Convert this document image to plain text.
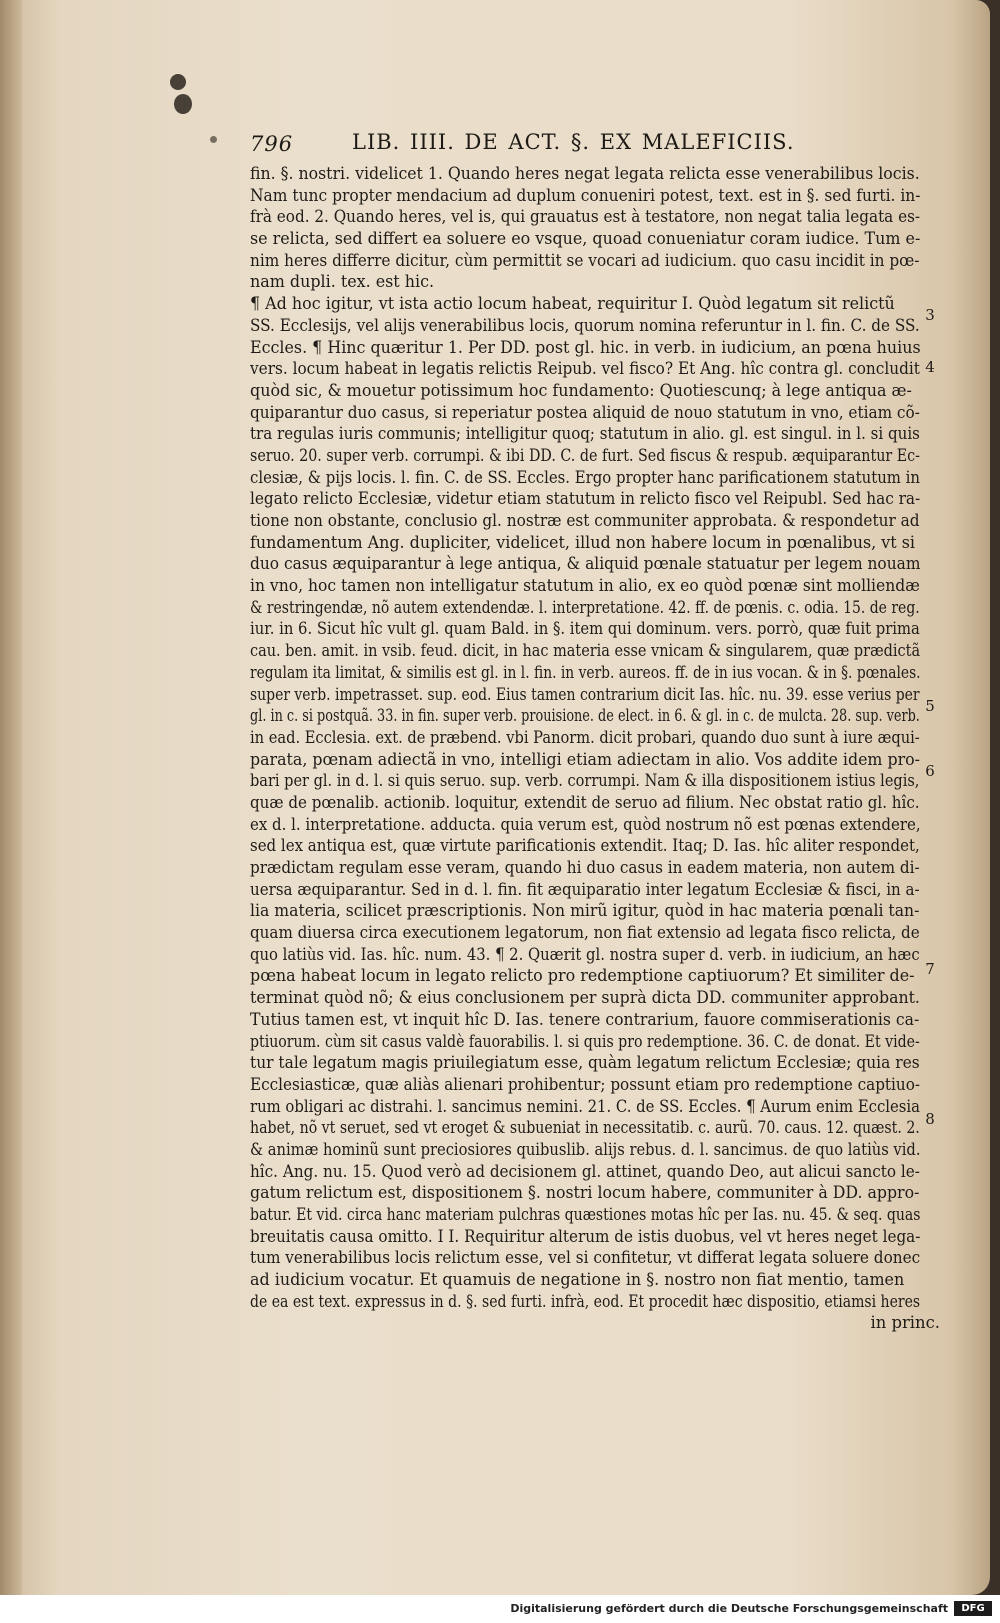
796	LIB. IIII. DE ACT. §. EX MALEFICIIS.
fin. §. nostri. videlicet 1. Quando heres negat legata relicta esse venerabilibus locis.
Nam tunc propter mendacium ad duplum conueniri potest, text. est in §. sed furti. in-
frà eod. 2. Quando heres, vel is, qui grauatus est à testatore, non negat talia legata es-
se relicta, sed differt ea soluere eo vsque, quoad conueniatur coram iudice. Tum e-
nim heres differre dicitur, cùm permittit se vocari ad iudicium. quo casu incidit in pœ-
nam dupli. tex. est hic.
¶ Ad hoc igitur, vt ista actio locum habeat, requiritur I. Quòd legatum sit relictũ
SS. Ecclesijs, vel alijs venerabilibus locis, quorum nomina referuntur in l. fin. C. de SS.
Eccles. ¶ Hinc quæritur 1. Per DD. post gl. hic. in verb. in iudicium, an pœna huius
vers. locum habeat in legatis relictis Reipub. vel fisco? Et Ang. hîc contra gl. concludit
quòd sic, & mouetur potissimum hoc fundamento: Quotiescunq; à lege antiqua æ-
quiparantur duo casus, si reperiatur postea aliquid de nouo statutum in vno, etiam cõ-
tra regulas iuris communis; intelligitur quoq; statutum in alio. gl. est singul. in l. si quis
seruo. 20. super verb. corrumpi. & ibi DD. C. de furt. Sed fiscus & respub. æquiparantur Ec-
clesiæ, & pijs locis. l. fin. C. de SS. Eccles. Ergo propter hanc parificationem statutum in
legato relicto Ecclesiæ, videtur etiam statutum in relicto fisco vel Reipubl. Sed hac ra-
tione non obstante, conclusio gl. nostræ est communiter approbata. & respondetur ad
fundamentum Ang. dupliciter, videlicet, illud non habere locum in pœnalibus, vt si
duo casus æquiparantur à lege antiqua, & aliquid pœnale statuatur per legem nouam
in vno, hoc tamen non intelligatur statutum in alio, ex eo quòd pœnæ sint molliendæ
& restringendæ, nõ autem extendendæ. l. interpretatione. 42. ff. de pœnis. c. odia. 15. de reg.
iur. in 6. Sicut hîc vult gl. quam Bald. in §. item qui dominum. vers. porrò, quæ fuit prima
cau. ben. amit. in vsib. feud. dicit, in hac materia esse vnicam & singularem, quæ prædictã
regulam ita limitat, & similis est gl. in l. fin. in verb. aureos. ff. de in ius vocan. & in §. pœnales.
super verb. impetrasset. sup. eod. Eius tamen contrarium dicit Ias. hîc. nu. 39. esse verius per
gl. in c. si postquã. 33. in fin. super verb. prouisione. de elect. in 6. & gl. in c. de mulcta. 28. sup. verb.
in ead. Ecclesia. ext. de præbend. vbi Panorm. dicit probari, quando duo sunt à iure æqui-
parata, pœnam adiectã in vno, intelligi etiam adiectam in alio. Vos addite idem pro-
bari per gl. in d. l. si quis seruo. sup. verb. corrumpi. Nam & illa dispositionem istius legis,
quæ de pœnalib. actionib. loquitur, extendit de seruo ad filium. Nec obstat ratio gl. hîc.
ex d. l. interpretatione. adducta. quia verum est, quòd nostrum nõ est pœnas extendere,
sed lex antiqua est, quæ virtute parificationis extendit. Itaq; D. Ias. hîc aliter respondet,
prædictam regulam esse veram, quando hi duo casus in eadem materia, non autem di-
uersa æquiparantur. Sed in d. l. fin. fit æquiparatio inter legatum Ecclesiæ & fisci, in a-
lia materia, scilicet præscriptionis. Non mirũ igitur, quòd in hac materia pœnali tan-
quam diuersa circa executionem legatorum, non fiat extensio ad legata fisco relicta, de
quo latiùs vid. Ias. hîc. num. 43. ¶ 2. Quærit gl. nostra super d. verb. in iudicium, an hæc
pœna habeat locum in legato relicto pro redemptione captiuorum? Et similiter de-
terminat quòd nõ; & eius conclusionem per suprà dicta DD. communiter approbant.
Tutius tamen est, vt inquit hîc D. Ias. tenere contrarium, fauore commiserationis ca-
ptiuorum. cùm sit casus valdè fauorabilis. l. si quis pro redemptione. 36. C. de donat. Et vide-
tur tale legatum magis priuilegiatum esse, quàm legatum relictum Ecclesiæ; quia res
Ecclesiasticæ, quæ aliàs alienari prohibentur; possunt etiam pro redemptione captiuo-
rum obligari ac distrahi. l. sancimus nemini. 21. C. de SS. Eccles. ¶ Aurum enim Ecclesia
habet, nõ vt seruet, sed vt eroget & subueniat in necessitatib. c. aurũ. 70. caus. 12. quæst. 2.
& animæ hominũ sunt preciosiores quibuslib. alijs rebus. d. l. sancimus. de quo latiùs vid.
hîc. Ang. nu. 15. Quod verò ad decisionem gl. attinet, quando Deo, aut alicui sancto le-
gatum relictum est, dispositionem §. nostri locum habere, communiter à DD. appro-
batur. Et vid. circa hanc materiam pulchras quæstiones motas hîc per Ias. nu. 45. & seq. quas
breuitatis causa omitto. I I. Requiritur alterum de istis duobus, vel vt heres neget lega-
tum venerabilibus locis relictum esse, vel si confitetur, vt differat legata soluere donec
ad iudicium vocatur. Et quamuis de negatione in §. nostro non fiat mentio, tamen
de ea est text. expressus in d. §. sed furti. infrà, eod. Et procedit hæc dispositio, etiamsi heres
in princ.
3
4
5
6
7
8
Digitalisierung gefördert durch die Deutsche Forschungsgemeinschaft	DFG
